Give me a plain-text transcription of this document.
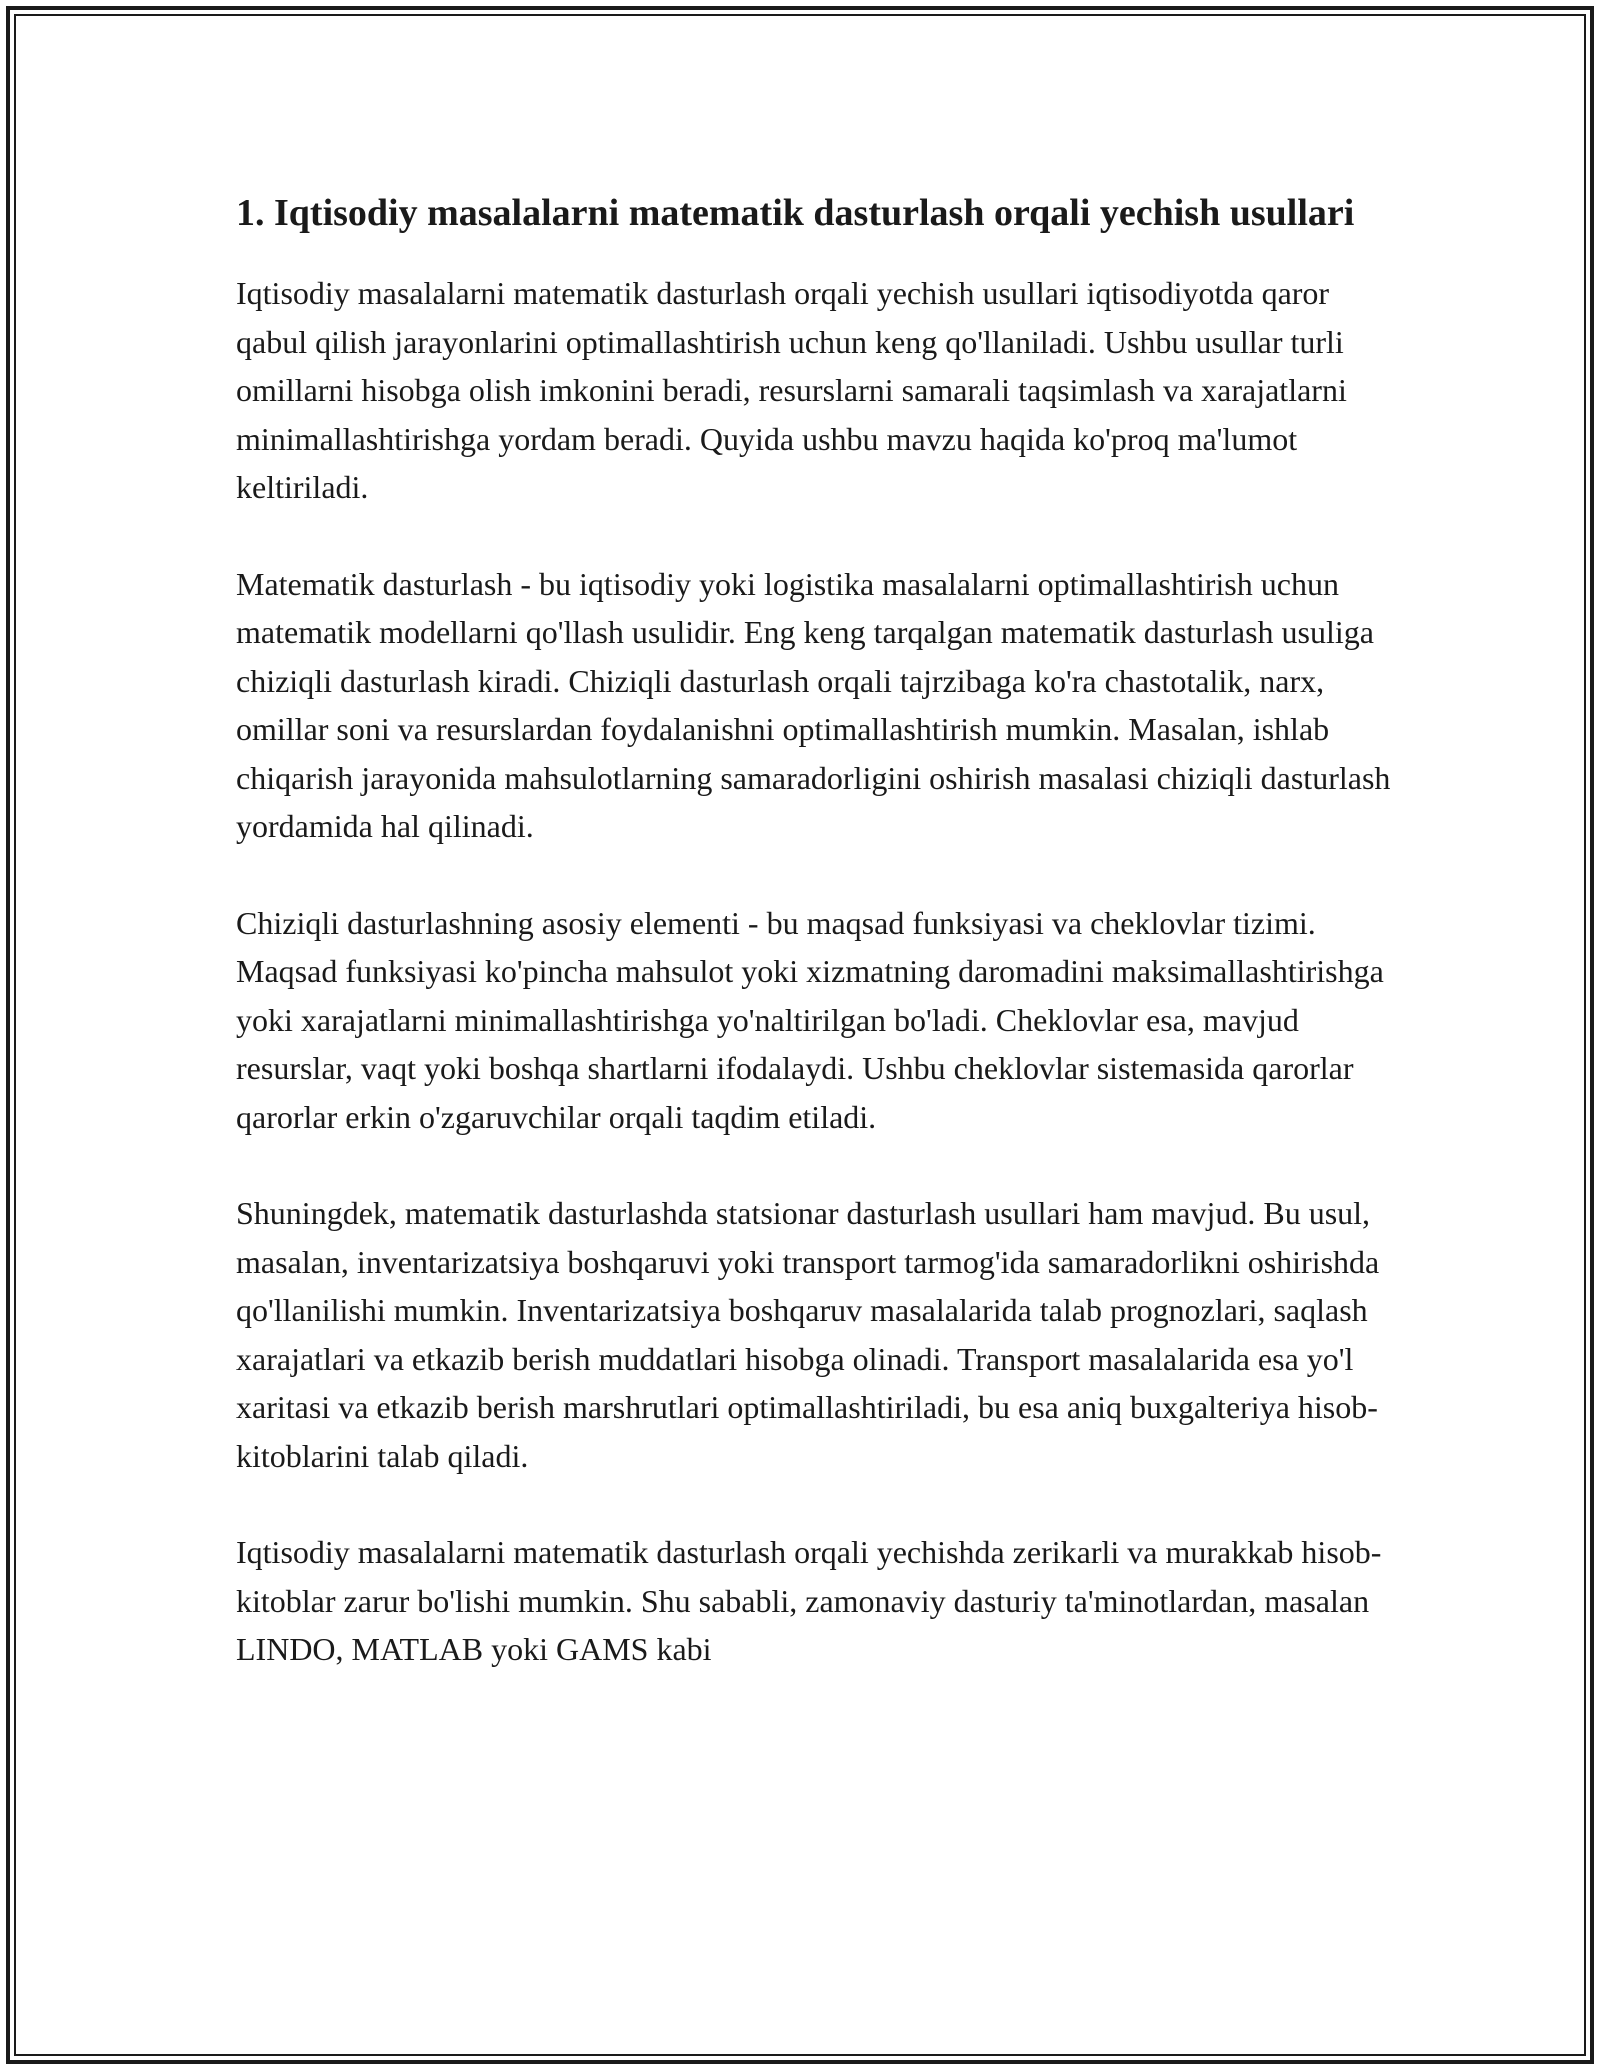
1. Iqtisodiy masalalarni matematik dasturlash orqali yechish usullari

Iqtisodiy masalalarni matematik dasturlash orqali yechish usullari iqtisodiyotda qaror qabul qilish jarayonlarini optimallashtirish uchun keng qo'llaniladi. Ushbu usullar turli omillarni hisobga olish imkonini beradi, resurslarni samarali taqsimlash va xarajatlarni minimallashtirishga yordam beradi. Quyida ushbu mavzu haqida ko'proq ma'lumot keltiriladi.

Matematik dasturlash - bu iqtisodiy yoki logistika masalalarni optimallashtirish uchun matematik modellarni qo'llash usulidir. Eng keng tarqalgan matematik dasturlash usuliga chiziqli dasturlash kiradi. Chiziqli dasturlash orqali tajrzibaga ko'ra chastotalik, narx, omillar soni va resurslardan foydalanishni optimallashtirish mumkin. Masalan, ishlab chiqarish jarayonida mahsulotlarning samaradorligini oshirish masalasi chiziqli dasturlash yordamida hal qilinadi.

Chiziqli dasturlashning asosiy elementi - bu maqsad funksiyasi va cheklovlar tizimi. Maqsad funksiyasi ko'pincha mahsulot yoki xizmatning daromadini maksimallashtirishga yoki xarajatlarni minimallashtirishga yo'naltirilgan bo'ladi. Cheklovlar esa, mavjud resurslar, vaqt yoki boshqa shartlarni ifodalaydi. Ushbu cheklovlar sistemasida qarorlar qarorlar erkin o'zgaruvchilar orqali taqdim etiladi.

Shuningdek, matematik dasturlashda statsionar dasturlash usullari ham mavjud. Bu usul, masalan, inventarizatsiya boshqaruvi yoki transport tarmog'ida samaradorlikni oshirishda qo'llanilishi mumkin. Inventarizatsiya boshqaruv masalalarida talab prognozlari, saqlash xarajatlari va etkazib berish muddatlari hisobga olinadi. Transport masalalarida esa yo'l xaritasi va etkazib berish marshrutlari optimallashtiriladi, bu esa aniq buxgalteriya hisob-kitoblarini talab qiladi.

Iqtisodiy masalalarni matematik dasturlash orqali yechishda zerikarli va murakkab hisob-kitoblar zarur bo'lishi mumkin. Shu sababli, zamonaviy dasturiy ta'minotlardan, masalan LINDO, MATLAB yoki GAMS kabi
